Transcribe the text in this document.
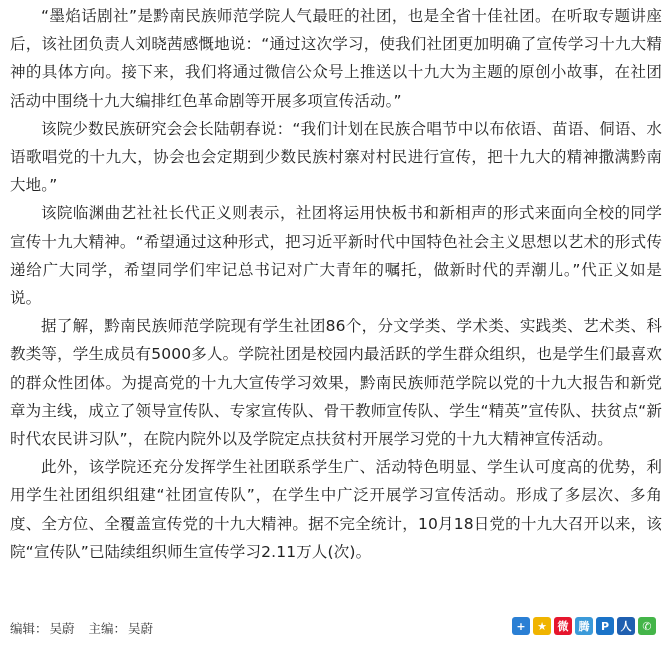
“墨焰话剧社”是黔南民族师范学院人气最旺的社团，也是全省十佳社团。在听取专题讲座后，该社团负责人刘晓茜感慨地说：“通过这次学习，使我们社团更加明确了宣传学习十九大精神的具体方向。接下来，我们将通过微信公众号上推送以十九大为主题的原创小故事，在社团活动中围绕十九大编排红色革命剧等开展多项宣传活动。”

该院少数民族研究会会长陆朝春说：“我们计划在民族合唱节中以布依语、苗语、侗语、水语歌唱党的十九大，协会也会定期到少数民族村寨对村民进行宣传，把十九大的精神撒满黔南大地。”

该院临渊曲艺社社长代正义则表示，社团将运用快板书和新相声的形式来面向全校的同学宣传十九大精神。“希望通过这种形式，把习近平新时代中国特色社会主义思想以艺术的形式传递给广大同学，希望同学们牢记总书记对广大青年的嘱托，做新时代的弄潮儿。”代正义如是说。

据了解，黔南民族师范学院现有学生社团86个，分文学类、学术类、实践类、艺术类、科教类等，学生成员有5000多人。学院社团是校园内最活跃的学生群众组织，也是学生们最喜欢的群众性团体。为提高党的十九大宣传学习效果，黔南民族师范学院以党的十九大报告和新党章为主线，成立了领导宣传队、专家宣传队、骨干教师宣传队、学生“精英”宣传队、扶贫点“新时代农民讲习队”，在院内院外以及学院定点扶贫村开展学习党的十九大精神宣传活动。

此外，该学院还充分发挥学生社团联系学生广、活动特色明显、学生认可度高的优势，利用学生社团组织组建“社团宣传队”，在学生中广泛开展学习宣传活动。形成了多层次、多角度、全方位、全覆盖宣传党的十九大精神。据不完全统计，10月18日党的十九大召开以来，该院“宣传队”已陆续组织师生宣传学习2.11万人(次)。

编辑： 吴蔚 主编： 吴蔚	+	★ 微 腾	P	人 ✆
